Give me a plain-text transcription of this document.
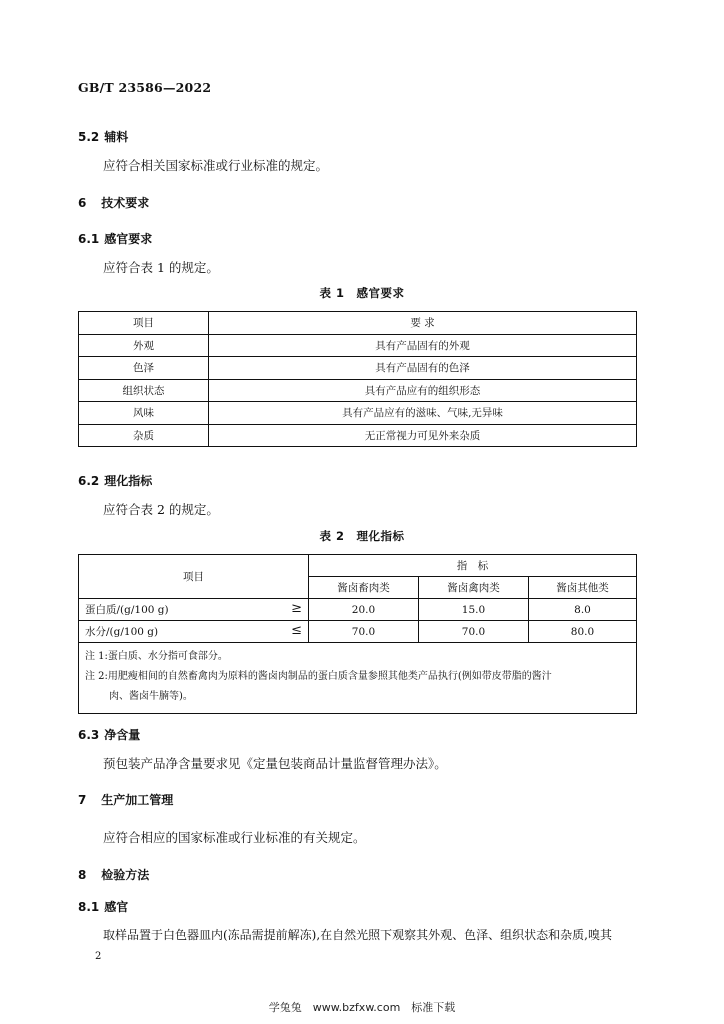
GB/T 23586—2022
5.2 辅料
应符合相关国家标准或行业标准的规定。
6 技术要求
6.1 感官要求
应符合表 1 的规定。
表 1　感官要求
项目	要 求
外观	具有产品固有的外观
色泽	具有产品固有的色泽
组织状态	具有产品应有的组织形态
风味	具有产品应有的滋味、气味,无异味
杂质	无正常视力可见外来杂质
6.2 理化指标
应符合表 2 的规定。
表 2　理化指标
项目	指　标		
	酱卤畜肉类	酱卤禽肉类	酱卤其他类
蛋白质/(g/100 g) ≥	20.0	15.0	8.0
水分/(g/100 g) ≤	70.0	70.0	80.0

注 1:蛋白质、水分指可食部分。
注 2:用肥瘦相间的自然畜禽肉为原料的酱卤肉制品的蛋白质含量参照其他类产品执行(例如带皮带脂的酱汁
肉、酱卤牛腩等)。			
6.3 净含量
预包装产品净含量要求见《定量包装商品计量监督管理办法》。
7 生产加工管理
应符合相应的国家标准或行业标准的有关规定。
8 检验方法
8.1 感官
取样品置于白色器皿内(冻品需提前解冻),在自然光照下观察其外观、色泽、组织状态和杂质,嗅其
2
学兔兔　www.bzfxw.com　标准下载
